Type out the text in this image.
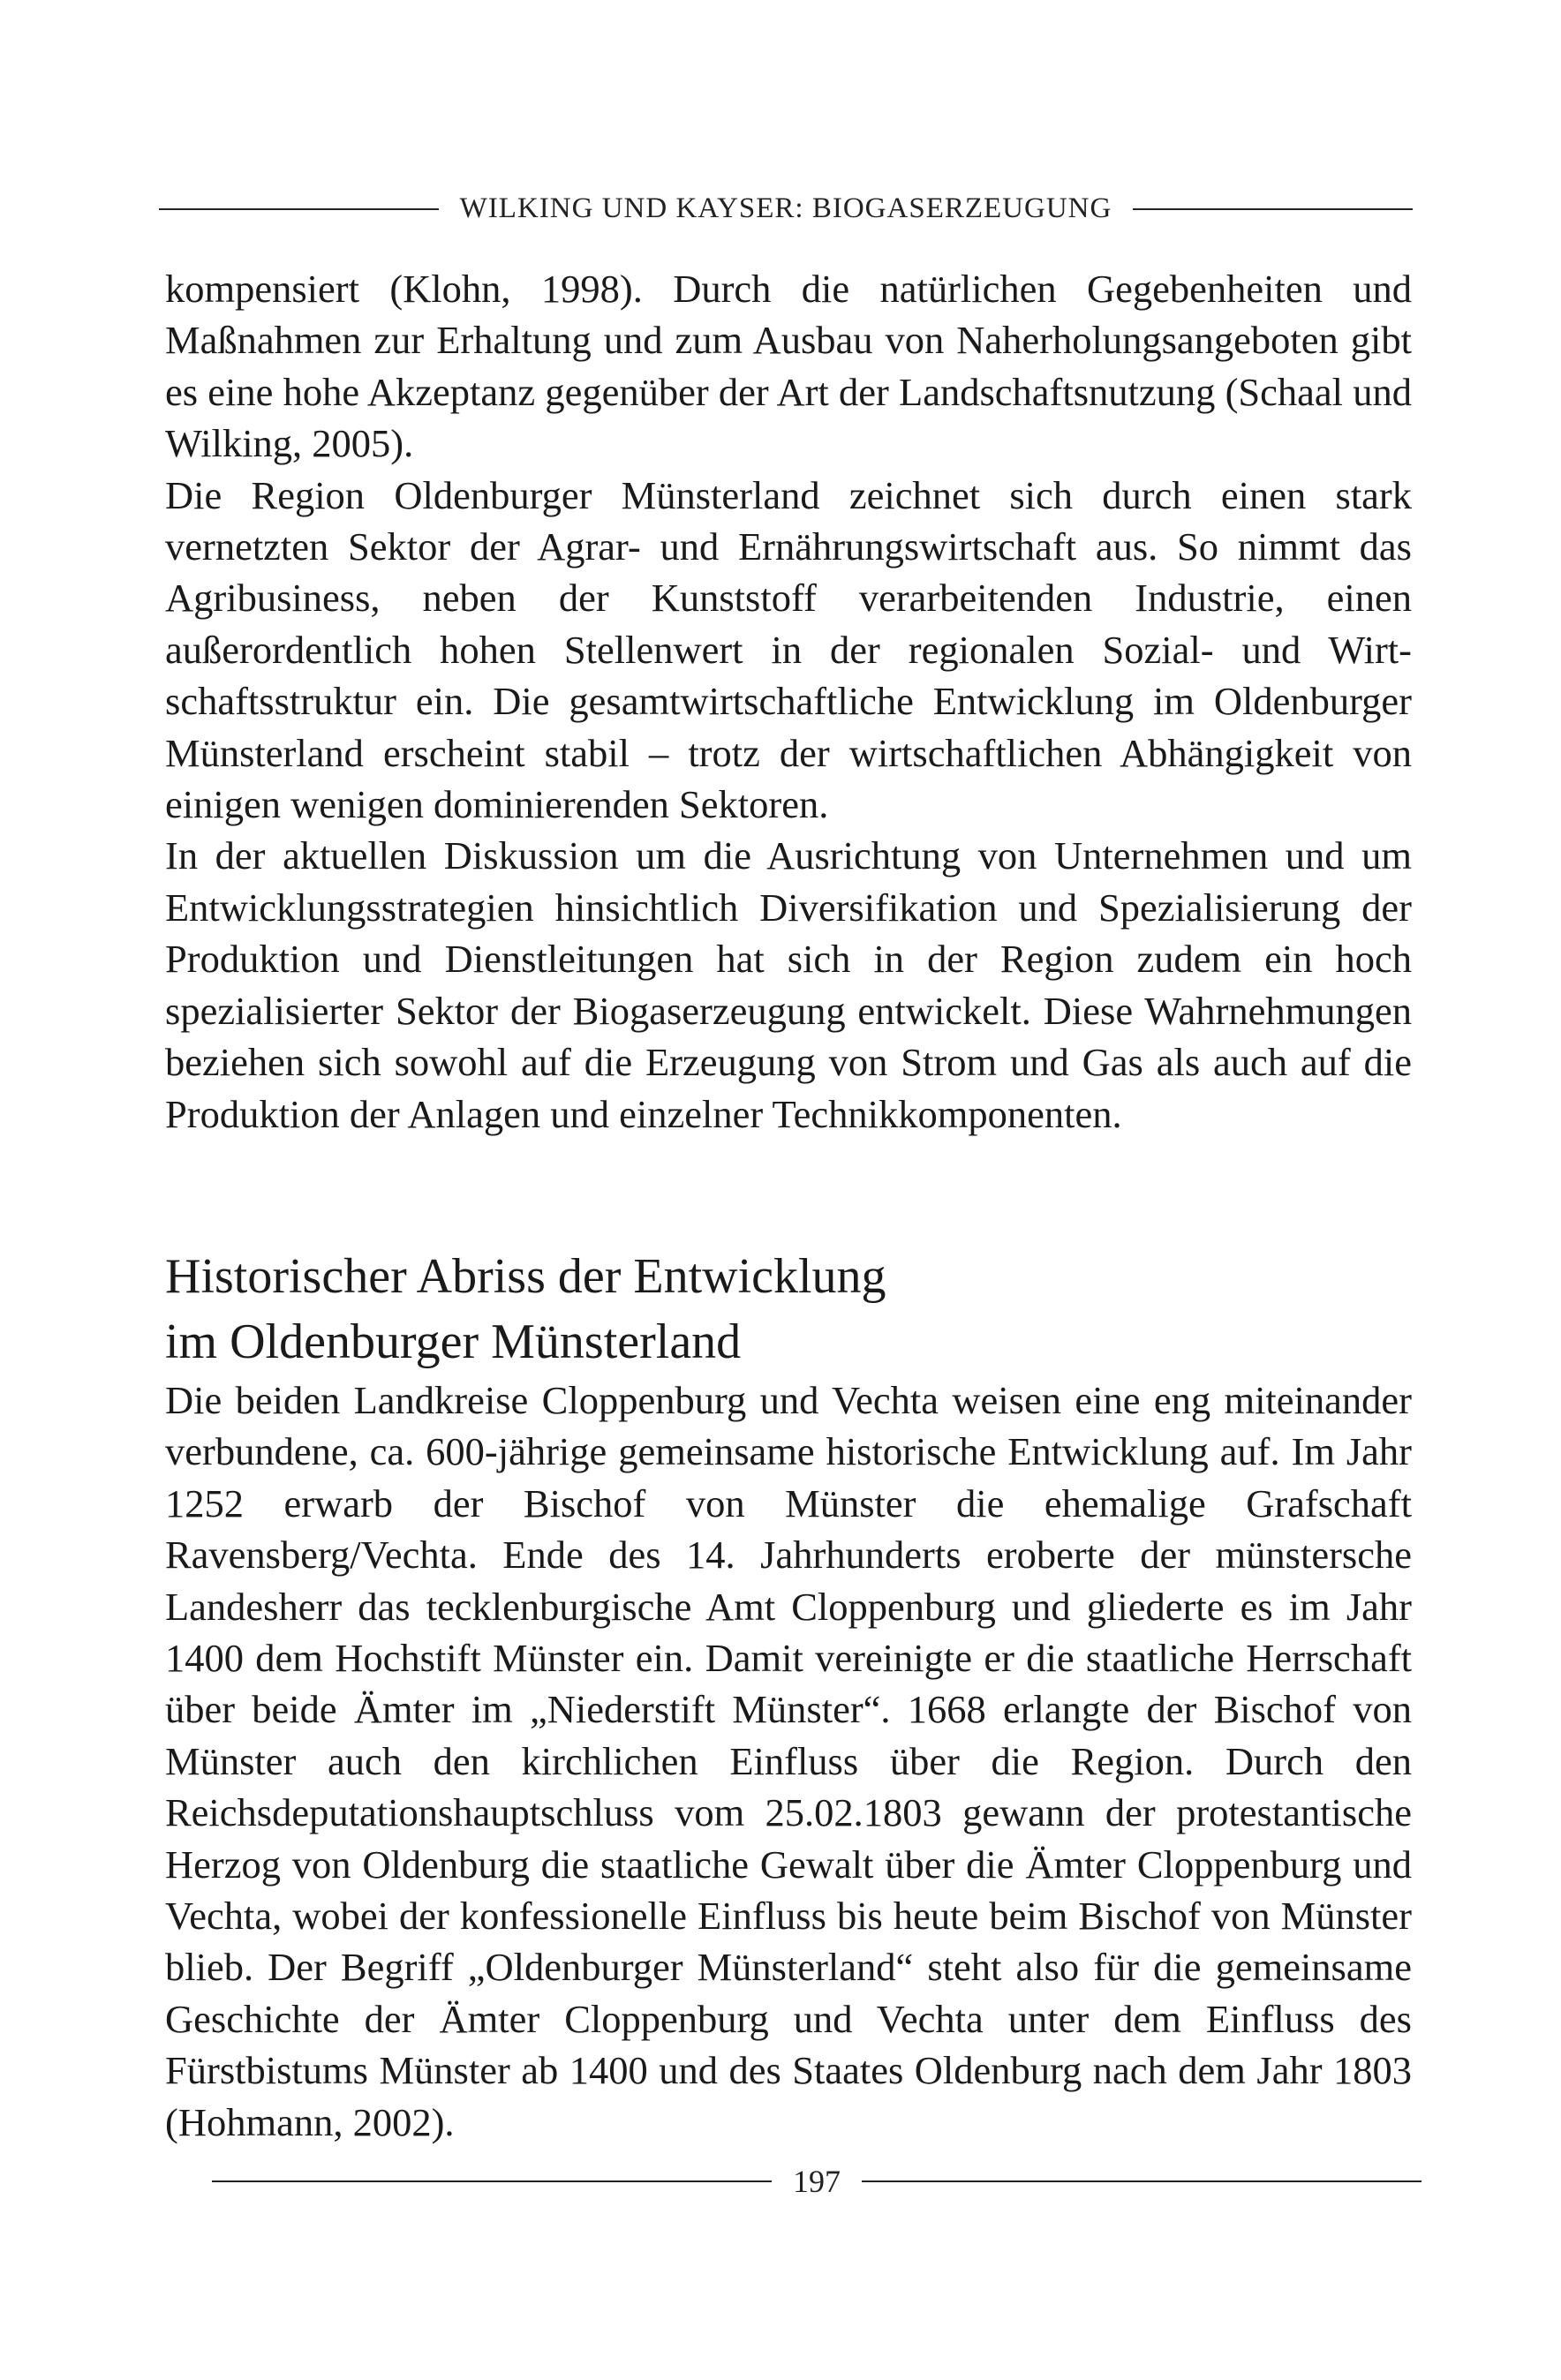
WILKING UND KAYSER: BIOGASERZEUGUNG

kompensiert (Klohn, 1998). Durch die natürlichen Gegebenheiten und Maßnahmen zur Erhaltung und zum Ausbau von Naherholungsangeboten gibt es eine hohe Akzeptanz gegenüber der Art der Landschaftsnutzung (Schaal und Wilking, 2005).

Die Region Oldenburger Münsterland zeichnet sich durch einen stark vernetzten Sektor der Agrar- und Ernährungswirtschaft aus. So nimmt das Agribusiness, neben der Kunststoff verarbeitenden Industrie, einen außerordentlich hohen Stellenwert in der regionalen Sozial- und Wirtschaftsstruktur ein. Die gesamtwirtschaftliche Entwicklung im Oldenburger Münsterland erscheint stabil – trotz der wirtschaftlichen Abhängigkeit von einigen wenigen dominierenden Sektoren.

In der aktuellen Diskussion um die Ausrichtung von Unternehmen und um Entwicklungsstrategien hinsichtlich Diversifikation und Spezialisierung der Produktion und Dienstleitungen hat sich in der Region zudem ein hoch spezialisierter Sektor der Biogaserzeugung entwickelt. Diese Wahrnehmungen beziehen sich sowohl auf die Erzeugung von Strom und Gas als auch auf die Produktion der Anlagen und einzelner Technikkomponenten.

Historischer Abriss der Entwicklung
im Oldenburger Münsterland

Die beiden Landkreise Cloppenburg und Vechta weisen eine eng miteinander verbundene, ca. 600-jährige gemeinsame historische Entwicklung auf. Im Jahr 1252 erwarb der Bischof von Münster die ehemalige Grafschaft Ravensberg/Vechta. Ende des 14. Jahrhunderts eroberte der münstersche Landesherr das tecklenburgische Amt Cloppenburg und gliederte es im Jahr 1400 dem Hochstift Münster ein. Damit vereinigte er die staatliche Herrschaft über beide Ämter im „Niederstift Münster“. 1668 erlangte der Bischof von Münster auch den kirchlichen Einfluss über die Region. Durch den Reichsdeputationshauptschluss vom 25.02.1803 gewann der protestantische Herzog von Oldenburg die staatliche Gewalt über die Ämter Cloppenburg und Vechta, wobei der konfessionelle Einfluss bis heute beim Bischof von Münster blieb. Der Begriff „Oldenburger Münsterland“ steht also für die gemeinsame Geschichte der Ämter Cloppenburg und Vechta unter dem Einfluss des Fürstbistums Münster ab 1400 und des Staates Oldenburg nach dem Jahr 1803 (Hohmann, 2002).

197
